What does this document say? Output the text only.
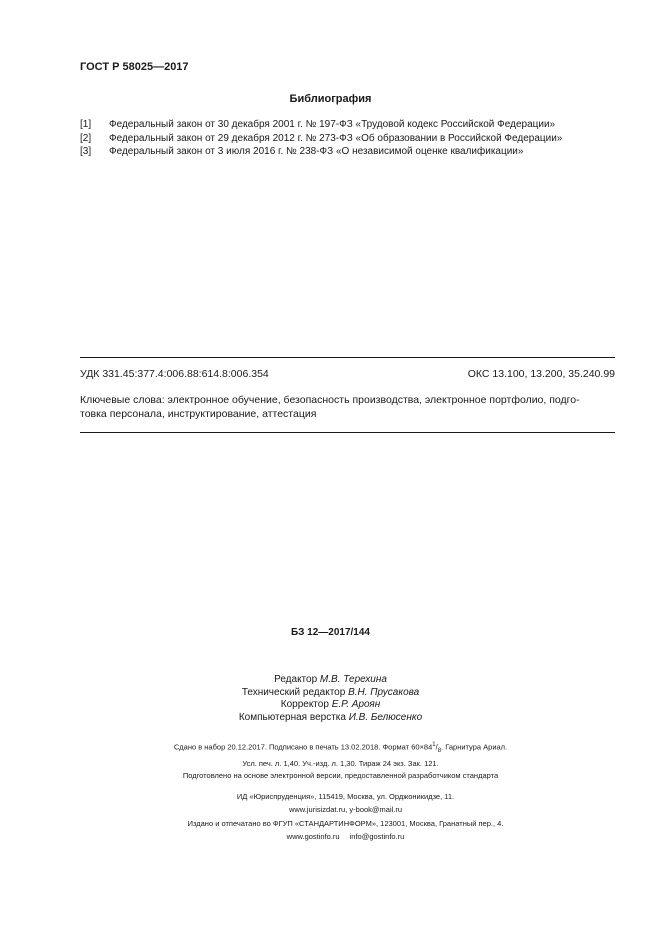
ГОСТ Р 58025—2017
Библиография
[1]	Федеральный закон от 30 декабря 2001 г. № 197-ФЗ «Трудовой кодекс Российской Федерации»
[2]	Федеральный закон от 29 декабря 2012 г. № 273-ФЗ «Об образовании в Российской Федерации»
[3]	Федеральный закон от 3 июля 2016 г. № 238-ФЗ «О независимой оценке квалификации»
УДК 331.45:377.4:006.88:614.8:006.354	ОКС 13.100, 13.200, 35.240.99
Ключевые слова: электронное обучение, безопасность производства, электронное портфолио, подго-
товка персонала, инструктирование, аттестация
БЗ 12—2017/144
Редактор М.В. Терехина
Технический редактор В.Н. Прусакова
Корректор Е.Р. Ароян
Компьютерная верстка И.В. Белюсенко
Сдано в набор 20.12.2017. Подписано в печать 13.02.2018. Формат $60\times 84^1/_8$. Гарнитура Ариал.
Усл. печ. л. 1,40. Уч.-изд. л. 1,30. Тираж 24 экз. Зак. 121.
Подготовлено на основе электронной версии, предоставленной разработчиком стандарта
ИД «Юриспруденция», 115419, Москва, ул. Орджоникидзе, 11.
www.jurisizdat.ru, y-book@mail.ru
Издано и отпечатано во ФГУП «СТАНДАРТИНФОРМ», 123001, Москва, Гранатный пер., 4.
www.gostinfo.ru info@gostinfo.ru
